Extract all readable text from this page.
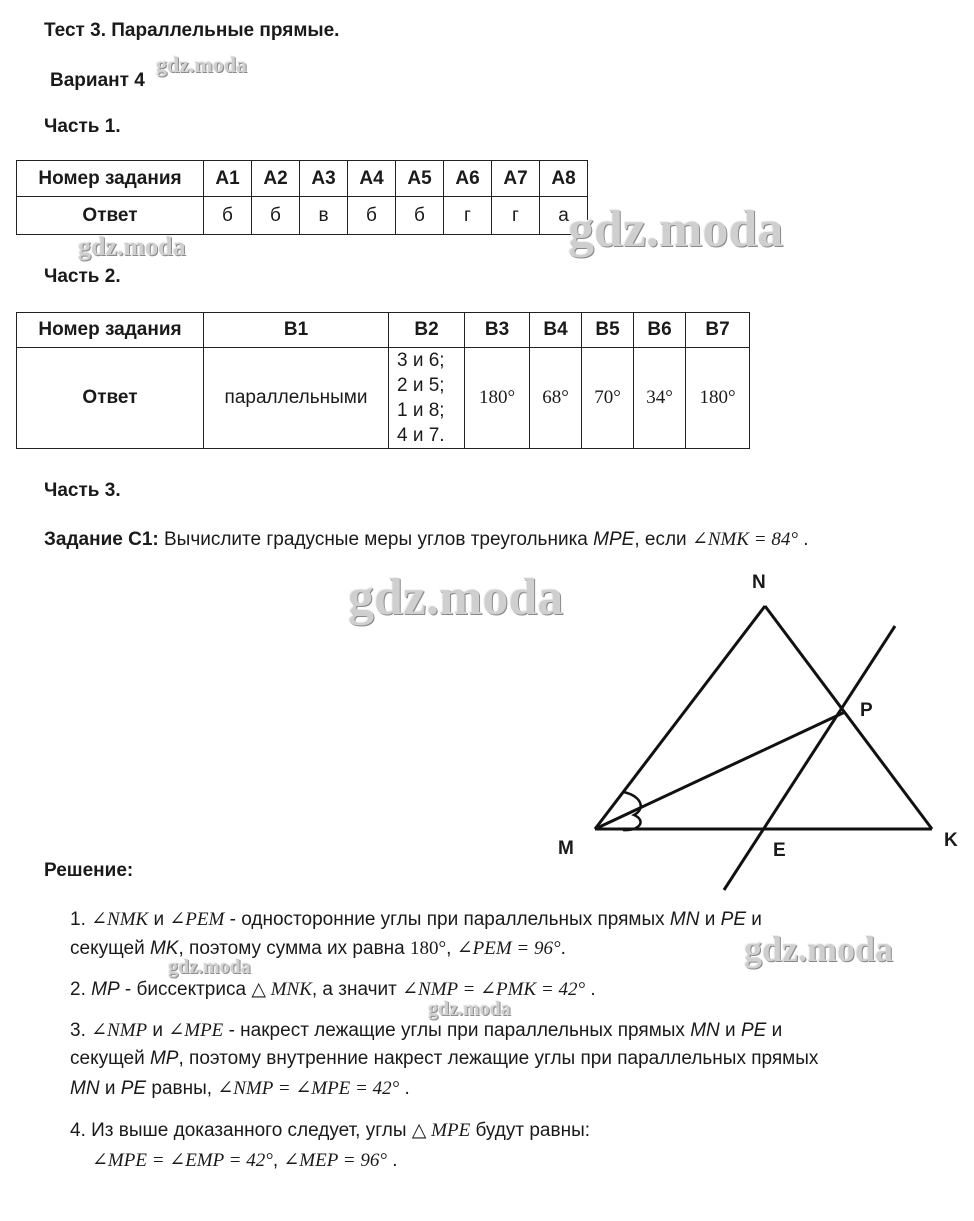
Тест 3. Параллельные прямые.
Вариант 4
Часть 1.
Номер задания	А1	А2	А3	А4	А5	А6	А7	А8
Ответ	б	б	в	б	б	г	г	а
Часть 2.
Номер задания	В1	В2	В3	В4	В5	В6	В7
Ответ	параллельными	3 и 6;
2 и 5;
1 и 8;
4 и 7.	180°	68°	70°	34°	180°
Часть 3.
Задание С1: Вычислите градусные меры углов треугольника MPE, если ∠NMK = 84° .
N
P
M	E	K
Решение:
1. ∠NMK и ∠PEM - односторонние углы при параллельных прямых MN и PE и
секущей MK, поэтому сумма их равна 180°, ∠PEM = 96°.
2. MP - биссектриса △ MNK, а значит ∠NMP = ∠PMK = 42° .
3. ∠NMP и ∠MPE - накрест лежащие углы при параллельных прямых MN и PE и
секущей MP, поэтому внутренние накрест лежащие углы при параллельных прямых
MN и PE равны, ∠NMP = ∠MPE = 42° .
4. Из выше доказанного следует, углы △ MPE будут равны:
∠MPE = ∠EMP = 42°, ∠MEP = 96° .
gdz.moda
gdz.moda	gdz.moda
gdz.moda
gdz.moda
gdz.moda
gdz.moda
